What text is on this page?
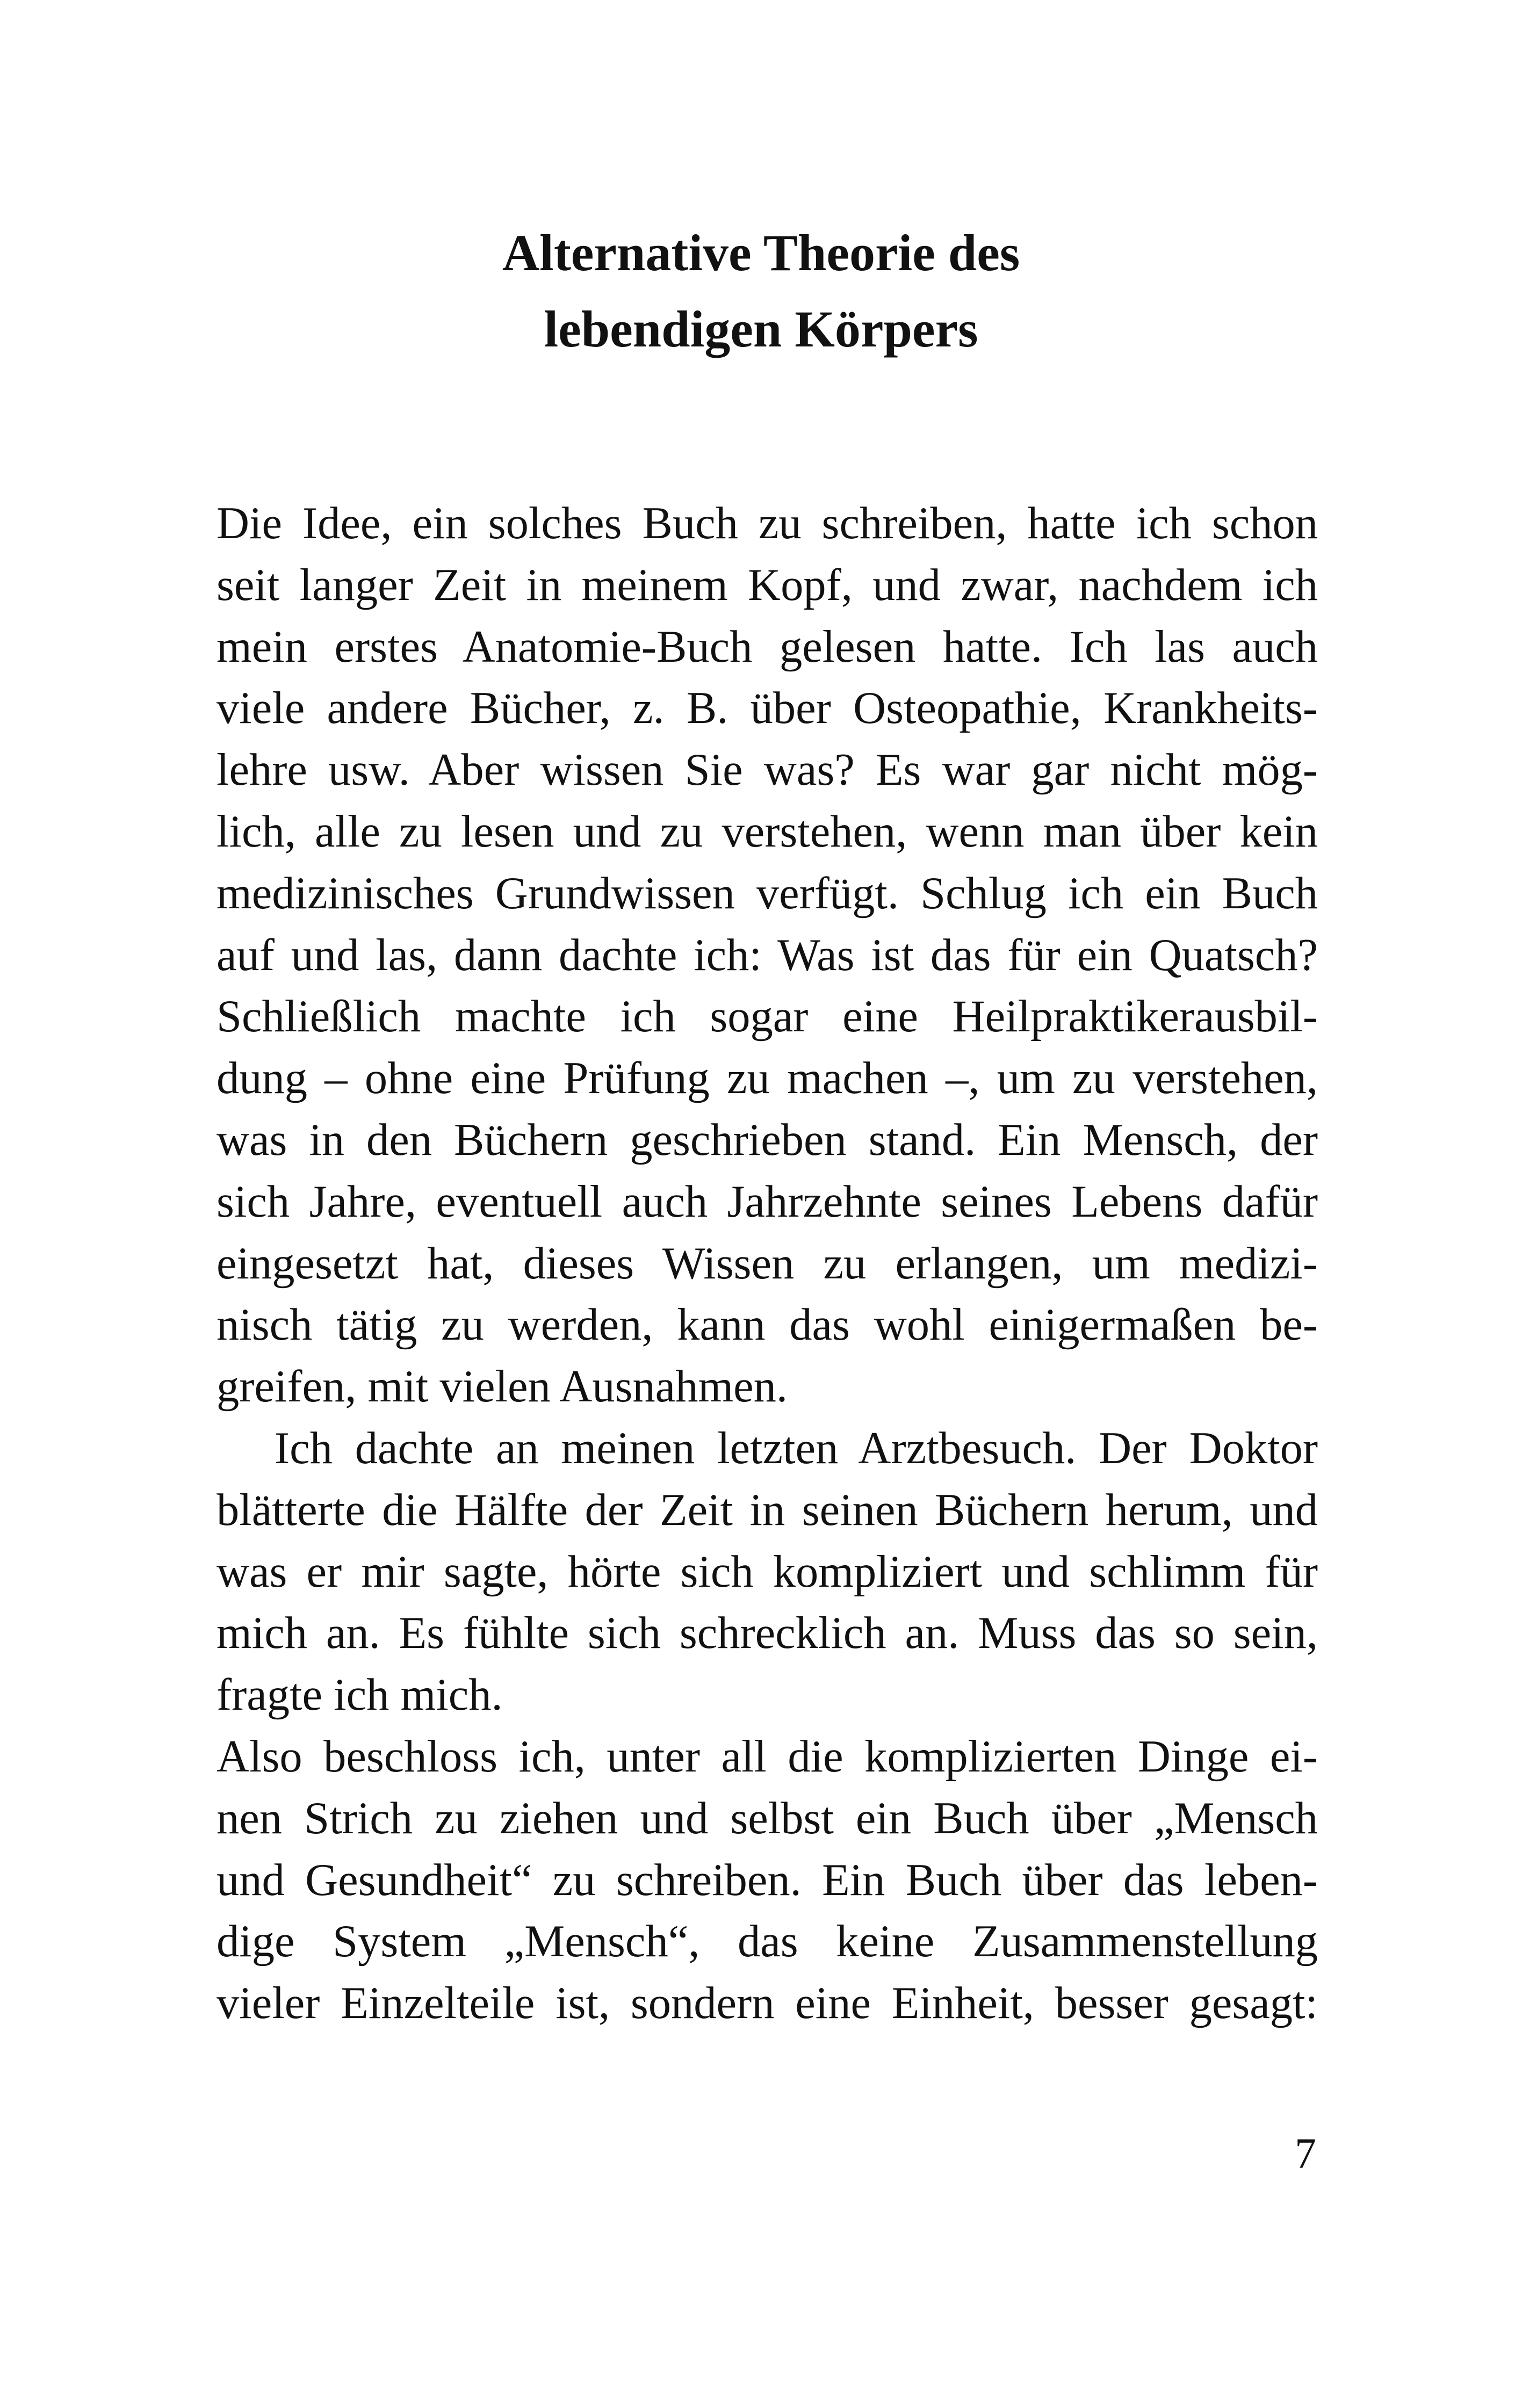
Alternative Theorie des
lebendigen Körpers
Die Idee, ein solches Buch zu schreiben, hatte ich schon
seit langer Zeit in meinem Kopf, und zwar, nachdem ich
mein erstes Anatomie-Buch gelesen hatte. Ich las auch
viele andere Bücher, z. B. über Osteopathie, Krankheits-
lehre usw. Aber wissen Sie was? Es war gar nicht mög-
lich, alle zu lesen und zu verstehen, wenn man über kein
medizinisches Grundwissen verfügt. Schlug ich ein Buch
auf und las, dann dachte ich: Was ist das für ein Quatsch?
Schließlich machte ich sogar eine Heilpraktikerausbil-
dung – ohne eine Prüfung zu machen –, um zu verstehen,
was in den Büchern geschrieben stand. Ein Mensch, der
sich Jahre, eventuell auch Jahrzehnte seines Lebens dafür
eingesetzt hat, dieses Wissen zu erlangen, um medizi-
nisch tätig zu werden, kann das wohl einigermaßen be-
greifen, mit vielen Ausnahmen.
Ich dachte an meinen letzten Arztbesuch. Der Doktor
blätterte die Hälfte der Zeit in seinen Büchern herum, und
was er mir sagte, hörte sich kompliziert und schlimm für
mich an. Es fühlte sich schrecklich an. Muss das so sein,
fragte ich mich.
Also beschloss ich, unter all die komplizierten Dinge ei-
nen Strich zu ziehen und selbst ein Buch über „Mensch
und Gesundheit“ zu schreiben. Ein Buch über das leben-
dige System „Mensch“, das keine Zusammenstellung
vieler Einzelteile ist, sondern eine Einheit, besser gesagt:
7
